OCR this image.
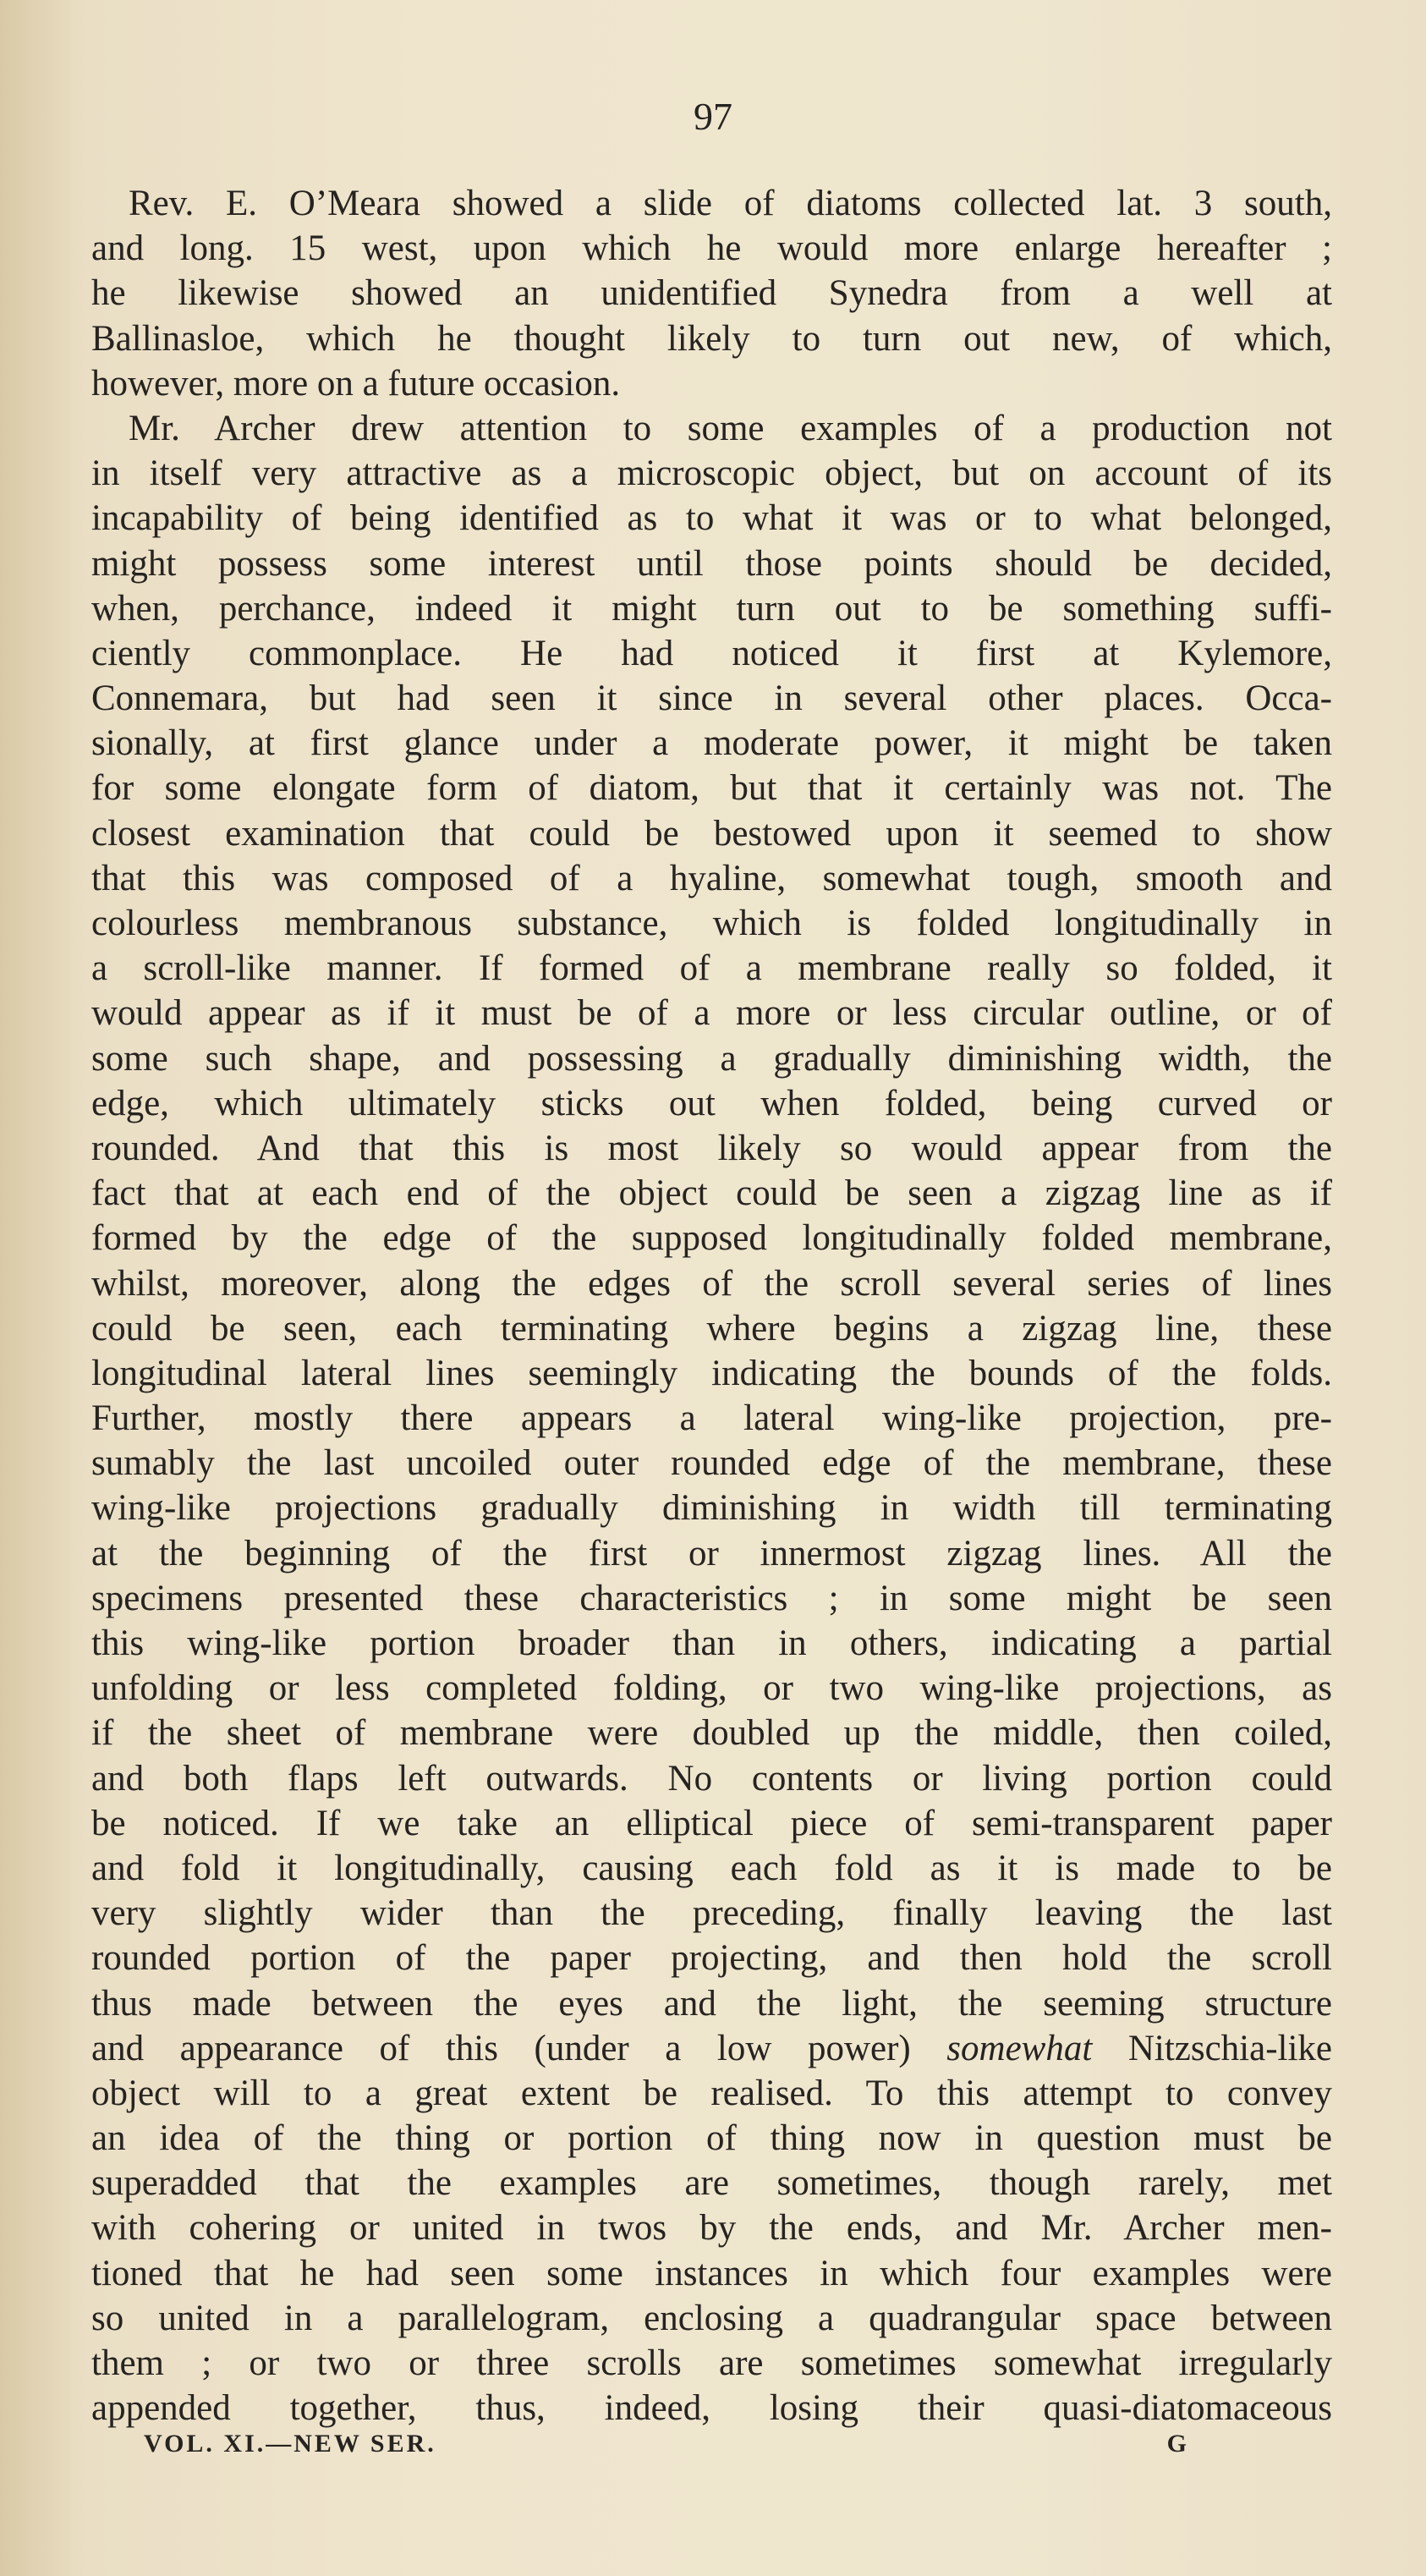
97
Rev. E. O’Meara showed a slide of diatoms collected lat. 3 south,
and long. 15 west, upon which he would more enlarge hereafter ;
he likewise showed an unidentified Synedra from a well at
Ballinasloe, which he thought likely to turn out new, of which,
however, more on a future occasion.
Mr. Archer drew attention to some examples of a production not
in itself very attractive as a microscopic object, but on account of its
incapability of being identified as to what it was or to what belonged,
might possess some interest until those points should be decided,
when, perchance, indeed it might turn out to be something suffi-
ciently commonplace. He had noticed it first at Kylemore,
Connemara, but had seen it since in several other places. Occa-
sionally, at first glance under a moderate power, it might be taken
for some elongate form of diatom, but that it certainly was not. The
closest examination that could be bestowed upon it seemed to show
that this was composed of a hyaline, somewhat tough, smooth and
colourless membranous substance, which is folded longitudinally in
a scroll-like manner. If formed of a membrane really so folded, it
would appear as if it must be of a more or less circular outline, or of
some such shape, and possessing a gradually diminishing width, the
edge, which ultimately sticks out when folded, being curved or
rounded. And that this is most likely so would appear from the
fact that at each end of the object could be seen a zigzag line as if
formed by the edge of the supposed longitudinally folded membrane,
whilst, moreover, along the edges of the scroll several series of lines
could be seen, each terminating where begins a zigzag line, these
longitudinal lateral lines seemingly indicating the bounds of the folds.
Further, mostly there appears a lateral wing-like projection, pre-
sumably the last uncoiled outer rounded edge of the membrane, these
wing-like projections gradually diminishing in width till terminating
at the beginning of the first or innermost zigzag lines. All the
specimens presented these characteristics ; in some might be seen
this wing-like portion broader than in others, indicating a partial
unfolding or less completed folding, or two wing-like projections, as
if the sheet of membrane were doubled up the middle, then coiled,
and both flaps left outwards. No contents or living portion could
be noticed. If we take an elliptical piece of semi-transparent paper
and fold it longitudinally, causing each fold as it is made to be
very slightly wider than the preceding, finally leaving the last
rounded portion of the paper projecting, and then hold the scroll
thus made between the eyes and the light, the seeming structure
and appearance of this (under a low power) somewhat Nitzschia-like
object will to a great extent be realised. To this attempt to convey
an idea of the thing or portion of thing now in question must be
superadded that the examples are sometimes, though rarely, met
with cohering or united in twos by the ends, and Mr. Archer men-
tioned that he had seen some instances in which four examples were
so united in a parallelogram, enclosing a quadrangular space between
them ; or two or three scrolls are sometimes somewhat irregularly
appended together, thus, indeed, losing their quasi-diatomaceous
VOL. XI.—NEW SER.	G
